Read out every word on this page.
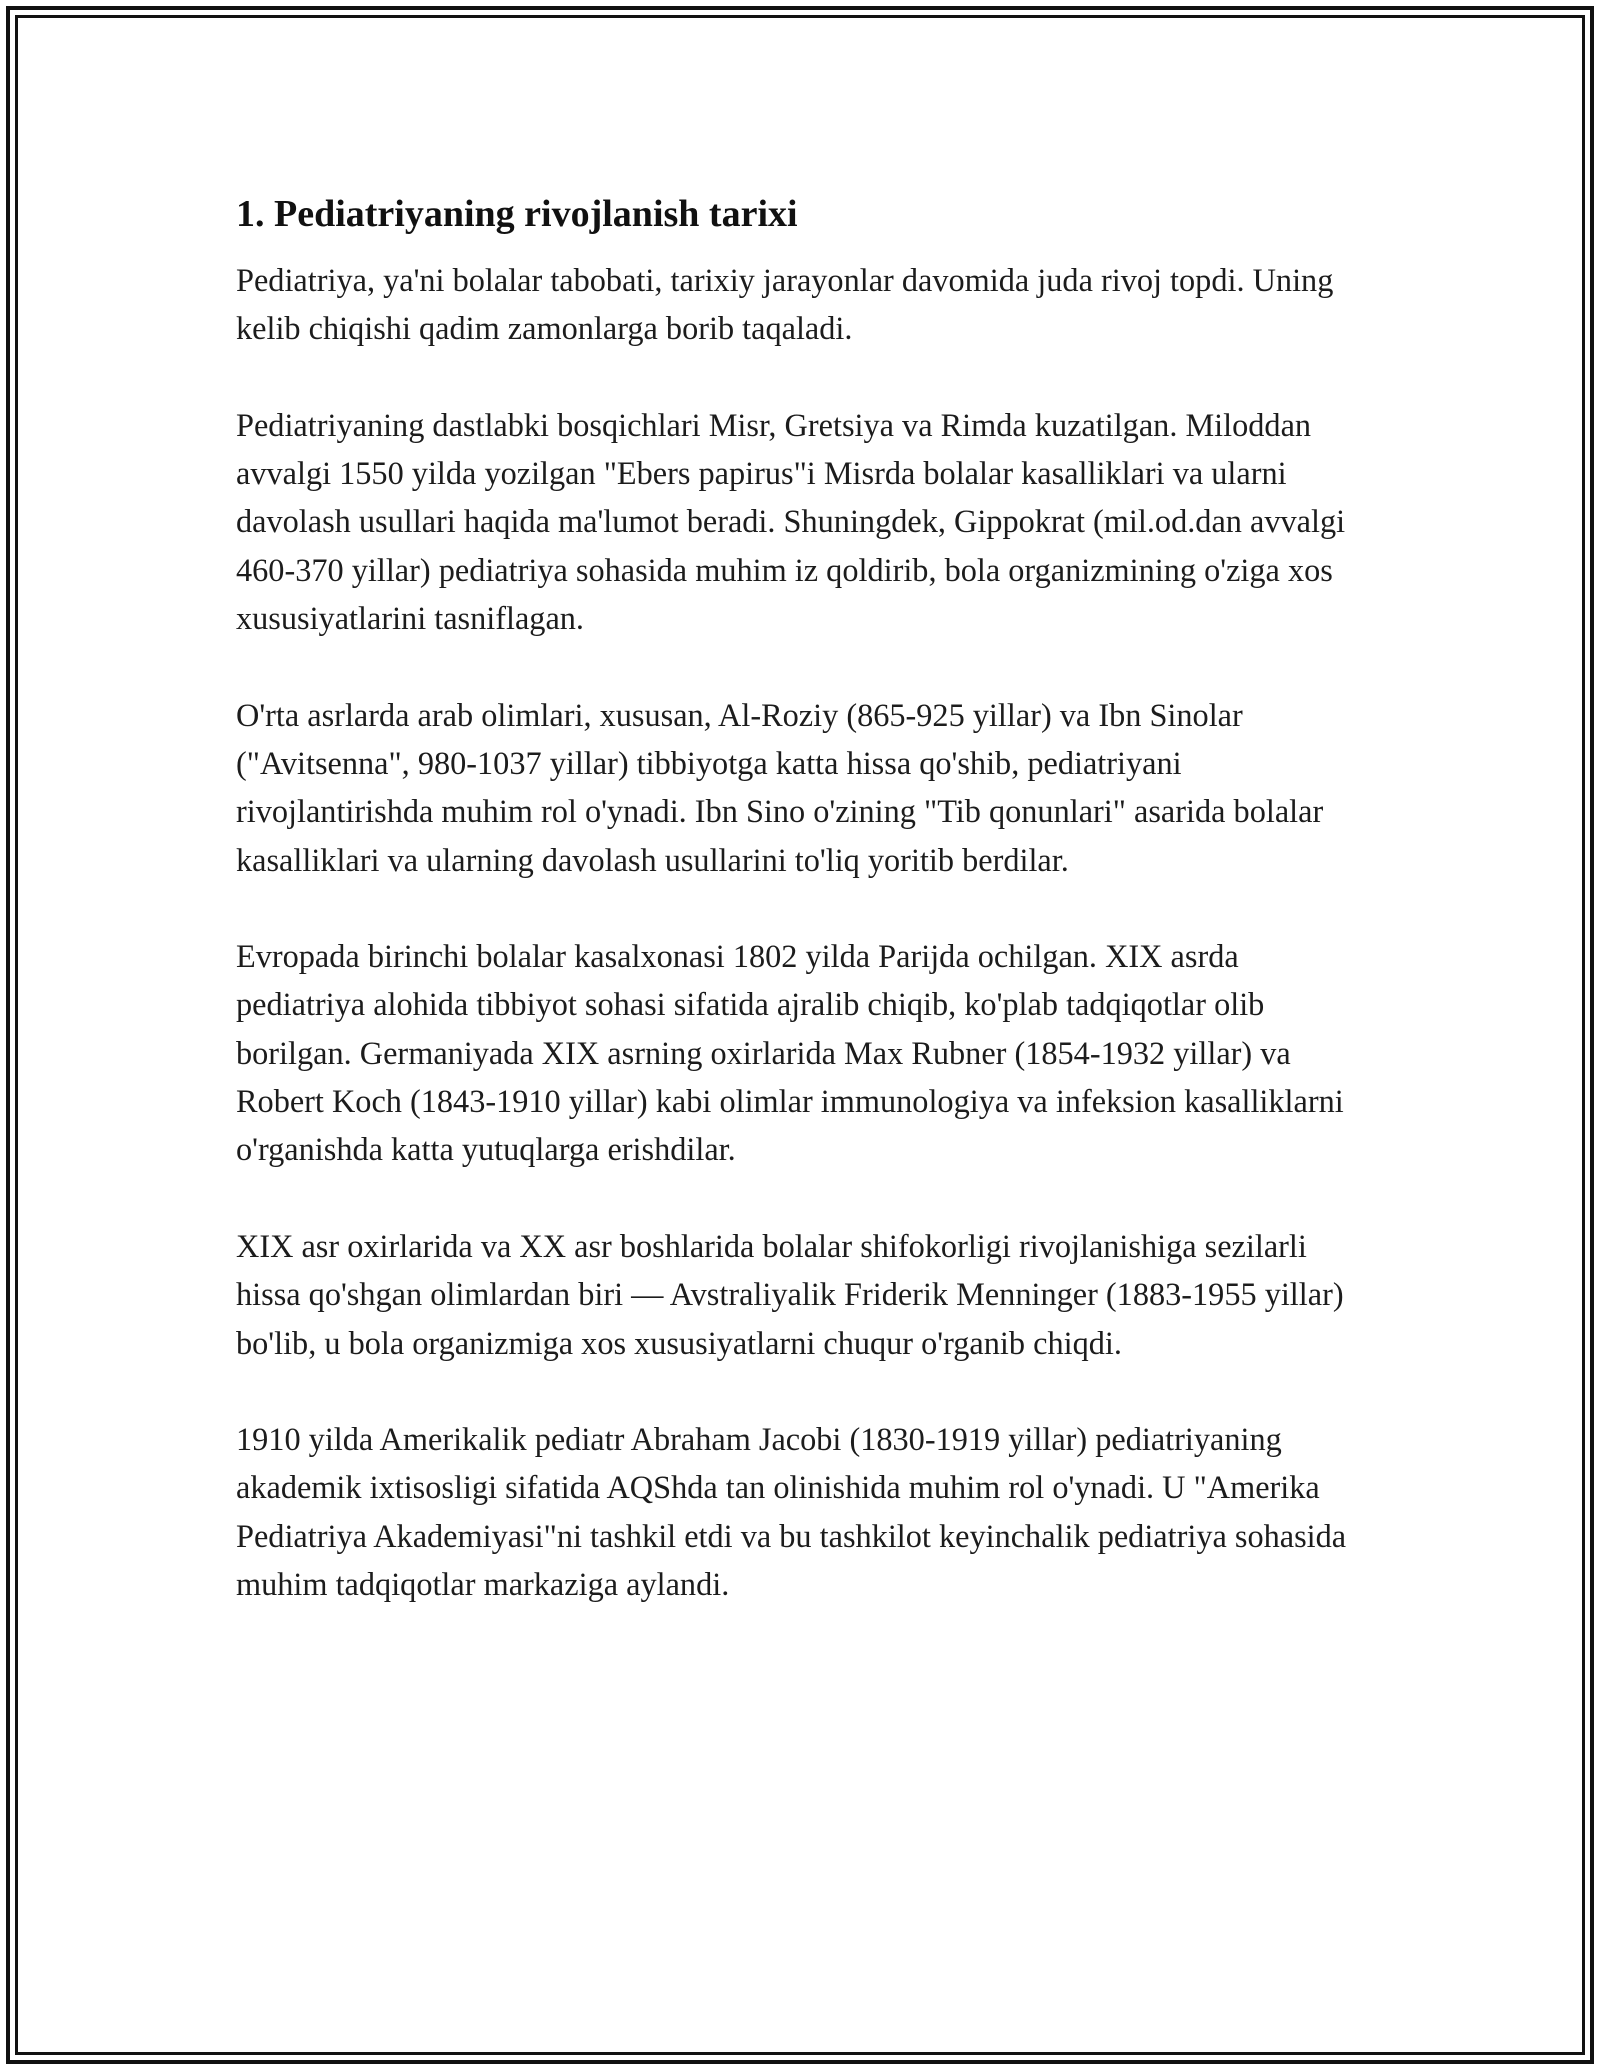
1. Pediatriyaning rivojlanish tarixi

Pediatriya, ya'ni bolalar tabobati, tarixiy jarayonlar davomida juda rivoj topdi. Uning kelib chiqishi qadim zamonlarga borib taqaladi.

Pediatriyaning dastlabki bosqichlari Misr, Gretsiya va Rimda kuzatilgan. Miloddan avvalgi 1550 yilda yozilgan "Ebers papirus"i Misrda bolalar kasalliklari va ularni davolash usullari haqida ma'lumot beradi. Shuningdek, Gippokrat (mil.od.dan avvalgi 460-370 yillar) pediatriya sohasida muhim iz qoldirib, bola organizmining o'ziga xos xususiyatlarini tasniflagan.

O'rta asrlarda arab olimlari, xususan, Al-Roziy (865-925 yillar) va Ibn Sinolar ("Avitsenna", 980-1037 yillar) tibbiyotga katta hissa qo'shib, pediatriyani rivojlantirishda muhim rol o'ynadi. Ibn Sino o'zining "Tib qonunlari" asarida bolalar kasalliklari va ularning davolash usullarini to'liq yoritib berdilar.

Evropada birinchi bolalar kasalxonasi 1802 yilda Parijda ochilgan. XIX asrda pediatriya alohida tibbiyot sohasi sifatida ajralib chiqib, ko'plab tadqiqotlar olib borilgan. Germaniyada XIX asrning oxirlarida Max Rubner (1854-1932 yillar) va Robert Koch (1843-1910 yillar) kabi olimlar immunologiya va infeksion kasalliklarni o'rganishda katta yutuqlarga erishdilar.

XIX asr oxirlarida va XX asr boshlarida bolalar shifokorligi rivojlanishiga sezilarli hissa qo'shgan olimlardan biri — Avstraliyalik Friderik Menninger (1883-1955 yillar) bo'lib, u bola organizmiga xos xususiyatlarni chuqur o'rganib chiqdi.

1910 yilda Amerikalik pediatr Abraham Jacobi (1830-1919 yillar) pediatriyaning akademik ixtisosligi sifatida AQShda tan olinishida muhim rol o'ynadi. U "Amerika Pediatriya Akademiyasi"ni tashkil etdi va bu tashkilot keyinchalik pediatriya sohasida muhim tadqiqotlar markaziga aylandi.
